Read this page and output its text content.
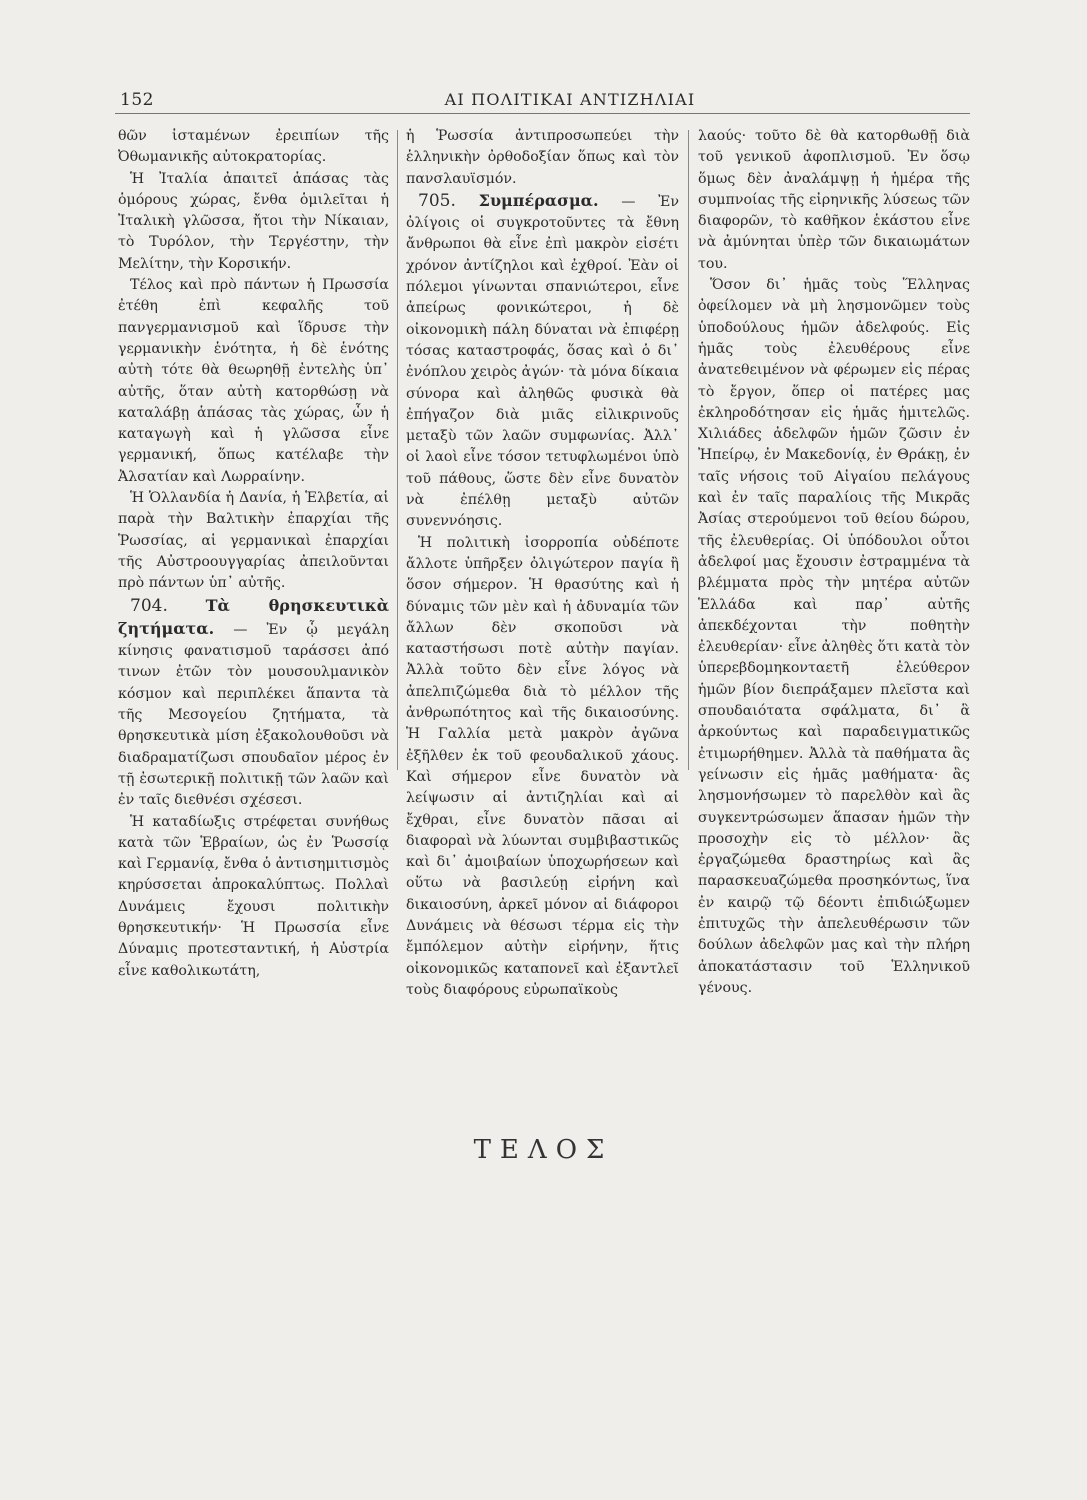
152	ΑΙ ΠΟΛΙΤΙΚΑΙ ΑΝΤΙΖΗΛΙΑΙ

θῶν ἱσταμένων ἐρειπίων τῆς Ὀθωμανικῆς αὐτοκρατορίας.

Ἡ Ἰταλία ἀπαιτεῖ ἁπάσας τὰς ὁμόρους χώρας, ἔνθα ὁμιλεῖται ἡ Ἰταλικὴ γλῶσσα, ἤτοι τὴν Νίκαιαν, τὸ Τυρόλον, τὴν Τεργέστην, τὴν Μελίτην, τὴν Κορσικήν.

Τέλος καὶ πρὸ πάντων ἡ Πρωσσία ἐτέθη ἐπὶ κεφαλῆς τοῦ πανγερμανισμοῦ καὶ ἵδρυσε τὴν γερμανικὴν ἑνότητα, ἡ δὲ ἑνότης αὐτὴ τότε θὰ θεωρηθῇ ἐντελὴς ὑπ᾽ αὐτῆς, ὅταν αὐτὴ κατορθώσῃ νὰ καταλάβῃ ἁπάσας τὰς χώρας, ὧν ἡ καταγωγὴ καὶ ἡ γλῶσσα εἶνε γερμανική, ὅπως κατέλαβε τὴν Ἀλσατίαν καὶ Λωρραίνην.

Ἡ Ὁλλανδία ἡ Δανία, ἡ Ἑλβετία, αἱ παρὰ τὴν Βαλτικὴν ἐπαρχίαι τῆς Ῥωσσίας, αἱ γερμανικαὶ ἐπαρχίαι τῆς Αὐστροουγγαρίας ἀπειλοῦνται πρὸ πάντων ὑπ᾽ αὐτῆς.

704. Τὰ θρησκευτικὰ ζητήματα. — Ἐν ᾧ μεγάλη κίνησις φανατισμοῦ ταράσσει ἀπό τινων ἐτῶν τὸν μουσουλμανικὸν κόσμον καὶ περιπλέκει ἅπαντα τὰ τῆς Μεσογείου ζητήματα, τὰ θρησκευτικὰ μίση ἐξακολουθοῦσι νὰ διαδραματίζωσι σπουδαῖον μέρος ἐν τῇ ἐσωτερικῇ πολιτικῇ τῶν λαῶν καὶ ἐν ταῖς διεθνέσι σχέσεσι.

Ἡ καταδίωξις στρέφεται συνήθως κατὰ τῶν Ἑβραίων, ὡς ἐν Ῥωσσίᾳ καὶ Γερμανίᾳ, ἔνθα ὁ ἀντισημιτισμὸς κηρύσσεται ἀπροκαλύπτως. Πολλαὶ Δυνάμεις ἔχουσι πολιτικὴν θρησκευτικήν· Ἡ Πρωσσία εἶνε Δύναμις προτεσταντική, ἡ Αὐστρία εἶνε καθολικωτάτη,

ἡ Ῥωσσία ἀντιπροσωπεύει τὴν ἑλληνικὴν ὀρθοδοξίαν ὅπως καὶ τὸν πανσλαυϊσμόν.

705. Συμπέρασμα. — Ἐν ὀλίγοις οἱ συγκροτοῦντες τὰ ἔθνη ἄνθρωποι θὰ εἶνε ἐπὶ μακρὸν εἰσέτι χρόνον ἀντίζηλοι καὶ ἐχθροί. Ἐὰν οἱ πόλεμοι γίνωνται σπανιώτεροι, εἶνε ἀπείρως φονικώτεροι, ἡ δὲ οἰκονομικὴ πάλη δύναται νὰ ἐπιφέρῃ τόσας καταστροφάς, ὅσας καὶ ὁ δι᾽ ἐνόπλου χειρὸς ἀγών· τὰ μόνα δίκαια σύνορα καὶ ἀληθῶς φυσικὰ θὰ ἐπήγαζον διὰ μιᾶς εἰλικρινοῦς μεταξὺ τῶν λαῶν συμφωνίας. Ἀλλ᾽ οἱ λαοὶ εἶνε τόσον τετυφλωμένοι ὑπὸ τοῦ πάθους, ὥστε δὲν εἶνε δυνατὸν νὰ ἐπέλθῃ μεταξὺ αὐτῶν συνεννόησις.

Ἡ πολιτικὴ ἰσορροπία οὐδέποτε ἄλλοτε ὑπῆρξεν ὀλιγώτερον παγία ἢ ὅσον σήμερον. Ἡ θρασύτης καὶ ἡ δύναμις τῶν μὲν καὶ ἡ ἀδυναμία τῶν ἄλλων δὲν σκοποῦσι νὰ καταστήσωσι ποτὲ αὐτὴν παγίαν. Ἀλλὰ τοῦτο δὲν εἶνε λόγος νὰ ἀπελπιζώμεθα διὰ τὸ μέλλον τῆς ἀνθρωπότητος καὶ τῆς δικαιοσύνης. Ἡ Γαλλία μετὰ μακρὸν ἀγῶνα ἐξῆλθεν ἐκ τοῦ φεουδαλικοῦ χάους. Καὶ σήμερον εἶνε δυνατὸν νὰ λείψωσιν αἱ ἀντιζηλίαι καὶ αἱ ἔχθραι, εἶνε δυνατὸν πᾶσαι αἱ διαφοραὶ νὰ λύωνται συμβιβαστικῶς καὶ δι᾽ ἀμοιβαίων ὑποχωρήσεων καὶ οὕτω νὰ βασιλεύῃ εἰρήνη καὶ δικαιοσύνη, ἀρκεῖ μόνον αἱ διάφοροι Δυνάμεις νὰ θέσωσι τέρμα εἰς τὴν ἔμπόλεμον αὐτὴν εἰρήνην, ἥτις οἰκονομικῶς καταπονεῖ καὶ ἐξαντλεῖ τοὺς διαφόρους εὐρωπαϊκοὺς

λαούς· τοῦτο δὲ θὰ κατορθωθῇ διὰ τοῦ γενικοῦ ἀφοπλισμοῦ. Ἐν ὅσῳ ὅμως δὲν ἀναλάμψῃ ἡ ἡμέρα τῆς συμπνοίας τῆς εἰρηνικῆς λύσεως τῶν διαφορῶν, τὸ καθῆκον ἑκάστου εἶνε νὰ ἀμύνηται ὑπὲρ τῶν δικαιωμάτων του.

Ὅσον δι᾽ ἡμᾶς τοὺς Ἕλληνας ὀφείλομεν νὰ μὴ λησμονῶμεν τοὺς ὑποδούλους ἡμῶν ἀδελφούς. Εἰς ἡμᾶς τοὺς ἐλευθέρους εἶνε ἀνατεθειμένον νὰ φέρωμεν εἰς πέρας τὸ ἔργον, ὅπερ οἱ πατέρες μας ἐκληροδότησαν εἰς ἡμᾶς ἡμιτελῶς. Χιλιάδες ἀδελφῶν ἡμῶν ζῶσιν ἐν Ἠπείρῳ, ἐν Μακεδονίᾳ, ἐν Θράκῃ, ἐν ταῖς νήσοις τοῦ Αἰγαίου πελάγους καὶ ἐν ταῖς παραλίοις τῆς Μικρᾶς Ἀσίας στερούμενοι τοῦ θείου δώρου, τῆς ἐλευθερίας. Οἱ ὑπόδουλοι οὗτοι ἀδελφοί μας ἔχουσιν ἐστραμμένα τὰ βλέμματα πρὸς τὴν μητέρα αὐτῶν Ἑλλάδα καὶ παρ᾽ αὐτῆς ἀπεκδέχονται τὴν ποθητὴν ἐλευθερίαν· εἶνε ἀληθὲς ὅτι κατὰ τὸν ὑπερεβδομηκονταετῆ ἐλεύθερον ἡμῶν βίον διεπράξαμεν πλεῖστα καὶ σπουδαιότατα σφάλματα, δι᾽ ἃ ἀρκούντως καὶ παραδειγματικῶς ἐτιμωρήθημεν. Ἀλλὰ τὰ παθήματα ἂς γείνωσιν εἰς ἡμᾶς μαθήματα· ἂς λησμονήσωμεν τὸ παρελθὸν καὶ ἂς συγκεντρώσωμεν ἅπασαν ἡμῶν τὴν προσοχὴν εἰς τὸ μέλλον· ἂς ἐργαζώμεθα δραστηρίως καὶ ἂς παρασκευαζώμεθα προσηκόντως, ἵνα ἐν καιρῷ τῷ δέοντι ἐπιδιώξωμεν ἐπιτυχῶς τὴν ἀπελευθέρωσιν τῶν δούλων ἀδελφῶν μας καὶ τὴν πλήρη ἀποκατάστασιν τοῦ Ἑλληνικοῦ γένους.

ΤΕΛΟΣ
